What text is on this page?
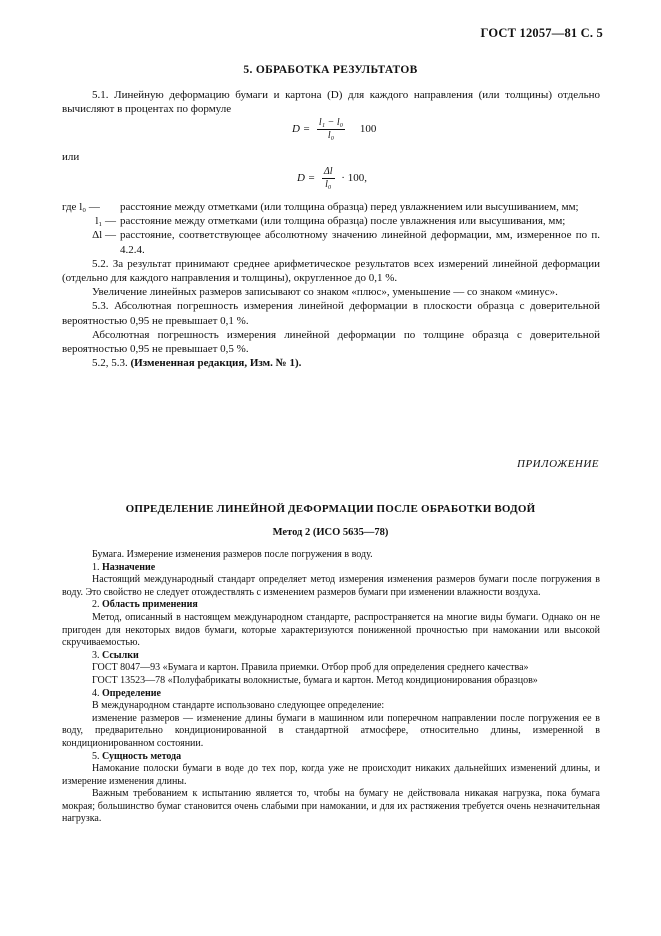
ГОСТ 12057—81 С. 5
5. ОБРАБОТКА РЕЗУЛЬТАТОВ

5.1. Линейную деформацию бумаги и картона (D) для каждого направления (или толщины) отдельно вычисляют в процентах по формуле

$D = \frac{\text{l₁ − l₀}}{\text{l₀}} 100$

или

$D = \frac{\Delta l}{\text{l₀}} \cdot 100$,
где l₀ —	расстояние между отметками (или толщина образца) перед увлажнением или высушиванием, мм;
l₁ — расстояние между отметками (или толщина образца) после увлажнения или высушивания, мм;
Δl — расстояние, соответствующее абсолютному значению линейной деформации, мм, измеренное по п. 4.2.4.

5.2. За результат принимают среднее арифметическое результатов всех измерений линейной деформации (отдельно для каждого направления и толщины), округленное до 0,1 %.

Увеличение линейных размеров записывают со знаком «плюс», уменьшение — со знаком «минус».

5.3. Абсолютная погрешность измерения линейной деформации в плоскости образца с доверительной вероятностью 0,95 не превышает 0,1 %.

Абсолютная погрешность измерения линейной деформации по толщине образца с доверительной вероятностью 0,95 не превышает 0,5 %.

5.2, 5.3. (Измененная редакция, Изм. № 1).

ПРИЛОЖЕНИЕ
ОПРЕДЕЛЕНИЕ ЛИНЕЙНОЙ ДЕФОРМАЦИИ ПОСЛЕ ОБРАБОТКИ ВОДОЙ
Метод 2 (ИСО 5635—78)

Бумага. Измерение изменения размеров после погружения в воду.

1. Назначение

Настоящий международный стандарт определяет метод измерения изменения размеров бумаги после погружения в воду. Это свойство не следует отождествлять с изменением размеров бумаги при изменении влажности воздуха.

2. Область применения

Метод, описанный в настоящем международном стандарте, распространяется на многие виды бумаги. Однако он не пригоден для некоторых видов бумаги, которые характеризуются пониженной прочностью при намокании или высокой скручиваемостью.

3. Ссылки

ГОСТ 8047—93 «Бумага и картон. Правила приемки. Отбор проб для определения среднего качества»

ГОСТ 13523—78 «Полуфабрикаты волокнистые, бумага и картон. Метод кондиционирования образцов»

4. Определение

В международном стандарте использовано следующее определение:

изменение размеров — изменение длины бумаги в машинном или поперечном направлении после погружения ее в воду, предварительно кондиционированной в стандартной атмосфере, относительно длины, измеренной в кондиционированном состоянии.

5. Сущность метода

Намокание полоски бумаги в воде до тех пор, когда уже не происходит никаких дальнейших изменений длины, и измерение изменения длины.

Важным требованием к испытанию является то, чтобы на бумагу не действовала никакая нагрузка, пока бумага мокрая; большинство бумаг становится очень слабыми при намокании, и для их растяжения требуется очень незначительная нагрузка.
